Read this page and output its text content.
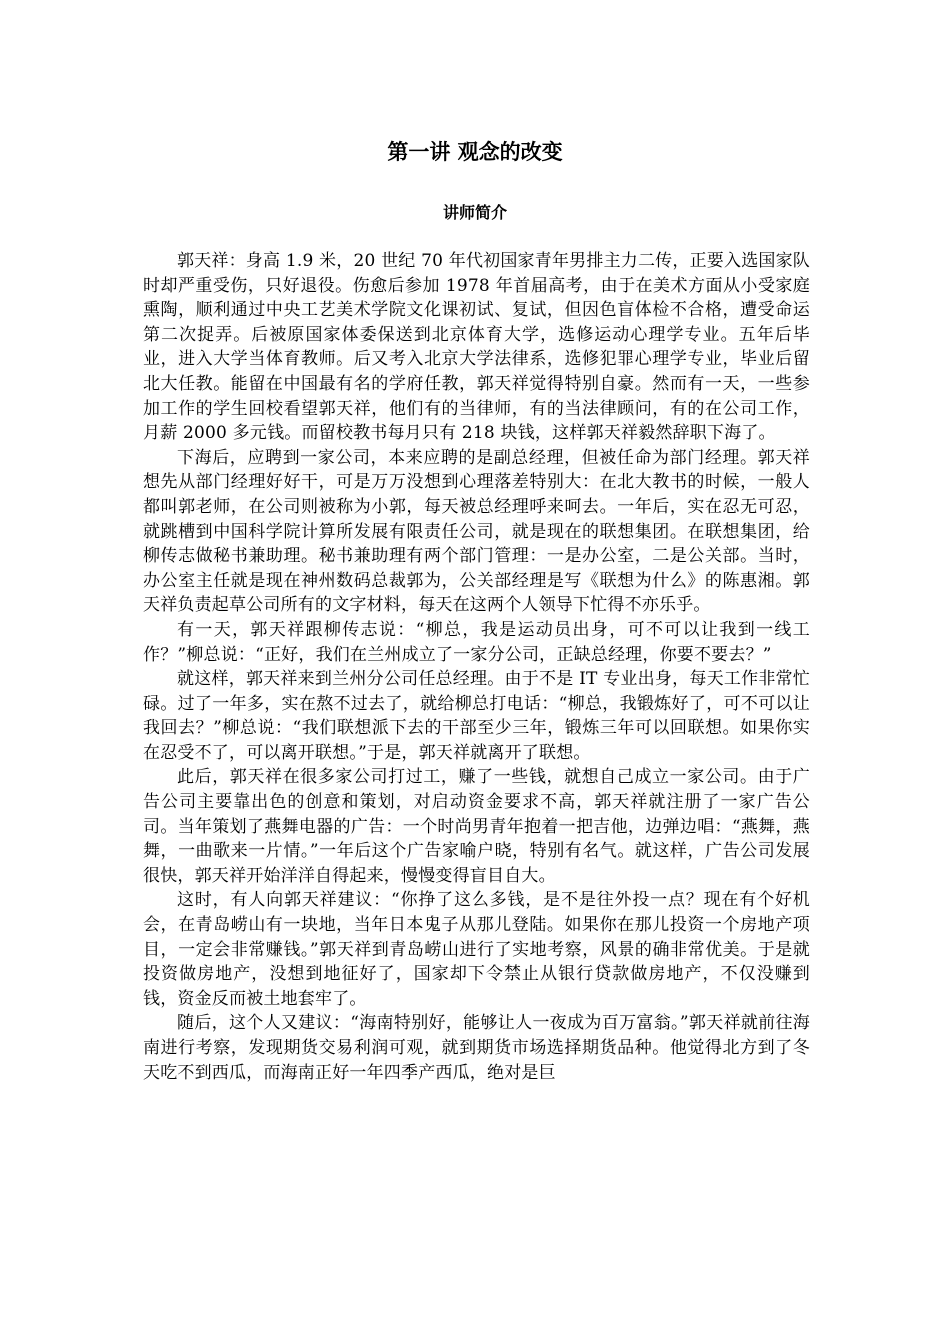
第一讲 观念的改变
讲师简介

郭天祥：身高 1.9 米，20 世纪 70 年代初国家青年男排主力二传，正要入选国家队时却严重受伤，只好退役。伤愈后参加 1978 年首届高考，由于在美术方面从小受家庭熏陶，顺利通过中央工艺美术学院文化课初试、复试，但因色盲体检不合格，遭受命运第二次捉弄。后被原国家体委保送到北京体育大学，选修运动心理学专业。五年后毕业，进入大学当体育教师。后又考入北京大学法律系，选修犯罪心理学专业，毕业后留北大任教。能留在中国最有名的学府任教，郭天祥觉得特别自豪。然而有一天，一些参加工作的学生回校看望郭天祥，他们有的当律师，有的当法律顾问，有的在公司工作，月薪 2000 多元钱。而留校教书每月只有 218 块钱，这样郭天祥毅然辞职下海了。

下海后，应聘到一家公司，本来应聘的是副总经理，但被任命为部门经理。郭天祥想先从部门经理好好干，可是万万没想到心理落差特别大：在北大教书的时候，一般人都叫郭老师，在公司则被称为小郭，每天被总经理呼来呵去。一年后，实在忍无可忍，就跳槽到中国科学院计算所发展有限责任公司，就是现在的联想集团。在联想集团，给柳传志做秘书兼助理。秘书兼助理有两个部门管理：一是办公室，二是公关部。当时，办公室主任就是现在神州数码总裁郭为，公关部经理是写《联想为什么》的陈惠湘。郭天祥负责起草公司所有的文字材料，每天在这两个人领导下忙得不亦乐乎。

有一天，郭天祥跟柳传志说：“柳总，我是运动员出身，可不可以让我到一线工作？”柳总说：“正好，我们在兰州成立了一家分公司，正缺总经理，你要不要去？”

就这样，郭天祥来到兰州分公司任总经理。由于不是 IT 专业出身，每天工作非常忙碌。过了一年多，实在熬不过去了，就给柳总打电话：“柳总，我锻炼好了，可不可以让我回去？”柳总说：“我们联想派下去的干部至少三年，锻炼三年可以回联想。如果你实在忍受不了，可以离开联想。”于是，郭天祥就离开了联想。

此后，郭天祥在很多家公司打过工，赚了一些钱，就想自己成立一家公司。由于广告公司主要靠出色的创意和策划，对启动资金要求不高，郭天祥就注册了一家广告公司。当年策划了燕舞电器的广告：一个时尚男青年抱着一把吉他，边弹边唱：“燕舞，燕舞，一曲歌来一片情。”一年后这个广告家喻户晓，特别有名气。就这样，广告公司发展很快，郭天祥开始洋洋自得起来，慢慢变得盲目自大。

这时，有人向郭天祥建议：“你挣了这么多钱，是不是往外投一点？现在有个好机会，在青岛崂山有一块地，当年日本鬼子从那儿登陆。如果你在那儿投资一个房地产项目，一定会非常赚钱。”郭天祥到青岛崂山进行了实地考察，风景的确非常优美。于是就投资做房地产，没想到地征好了，国家却下令禁止从银行贷款做房地产，不仅没赚到钱，资金反而被土地套牢了。

随后，这个人又建议：“海南特别好，能够让人一夜成为百万富翁。”郭天祥就前往海南进行考察，发现期货交易利润可观，就到期货市场选择期货品种。他觉得北方到了冬天吃不到西瓜，而海南正好一年四季产西瓜，绝对是巨
